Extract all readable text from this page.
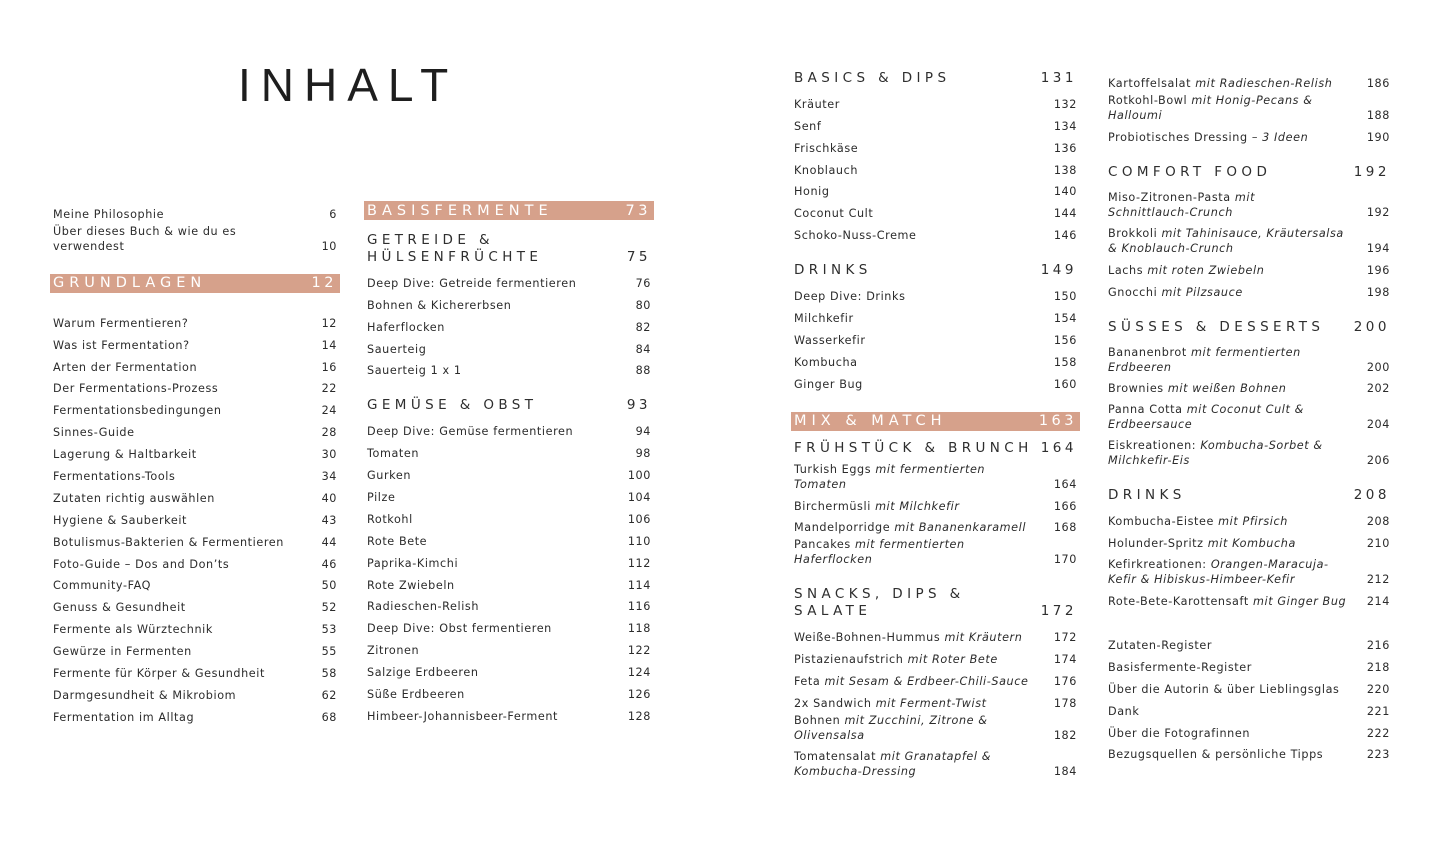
INHALT
Meine Philosophie	6
Über dieses Buch & wie du es verwendest	10
GRUNDLAGEN	12
Warum Fermentieren?	12
Was ist Fermentation?	14
Arten der Fermentation	16
Der Fermentations-Prozess	22
Fermentationsbedingungen	24
Sinnes-Guide	28
Lagerung & Haltbarkeit	30
Fermentations-Tools	34
Zutaten richtig auswählen	40
Hygiene & Sauberkeit	43
Botulismus-Bakterien & Fermentieren	44
Foto-Guide – Dos and Don’ts	46
Community-FAQ	50
Genuss & Gesundheit	52
Fermente als Würztechnik	53
Gewürze in Fermenten	55
Fermente für Körper & Gesundheit	58
Darmgesundheit & Mikrobiom	62
Fermentation im Alltag	68
BASISFERMENTE	73
GETREIDE & HÜLSENFRÜCHTE	75
Deep Dive: Getreide fermentieren	76
Bohnen & Kichererbsen	80
Haferflocken	82
Sauerteig	84
Sauerteig 1 x 1	88
GEMÜSE & OBST	93
Deep Dive: Gemüse fermentieren	94
Tomaten	98
Gurken	100
Pilze	104
Rotkohl	106
Rote Bete	110
Paprika-Kimchi	112
Rote Zwiebeln	114
Radieschen-Relish	116
Deep Dive: Obst fermentieren	118
Zitronen	122
Salzige Erdbeeren	124
Süße Erdbeeren	126
Himbeer-Johannisbeer-Ferment	128
BASICS & DIPS	131
Kräuter	132
Senf	134
Frischkäse	136
Knoblauch	138
Honig	140
Coconut Cult	144
Schoko-Nuss-Creme	146
DRINKS	149
Deep Dive: Drinks	150
Milchkefir	154
Wasserkefir	156
Kombucha	158
Ginger Bug	160
MIX & MATCH	163
FRÜHSTÜCK & BRUNCH 164
Turkish Eggs mit fermentierten Tomaten	164
Birchermüsli mit Milchkefir	166
Mandelporridge mit Bananenkaramell	168
Pancakes mit fermentierten Haferflocken	170
SNACKS, DIPS & SALATE	172
Weiße-Bohnen-Hummus mit Kräutern	172
Pistazienaufstrich mit Roter Bete	174
Feta mit Sesam & Erdbeer-Chili-Sauce	176
2x Sandwich mit Ferment-Twist	178
Bohnen mit Zucchini, Zitrone & Olivensalsa	182
Tomatensalat mit Granatapfel & Kombucha-Dressing	184
Kartoffelsalat mit Radieschen-Relish	186
Rotkohl-Bowl mit Honig-Pecans & Halloumi	188
Probiotisches Dressing – 3 Ideen	190
COMFORT FOOD	192
Miso-Zitronen-Pasta mit Schnittlauch-Crunch	192
Brokkoli mit Tahinisauce, Kräutersalsa & Knoblauch-Crunch	194
Lachs mit roten Zwiebeln	196
Gnocchi mit Pilzsauce	198
SÜSSES & DESSERTS 200
Bananenbrot mit fermentierten Erdbeeren	200
Brownies mit weißen Bohnen	202
Panna Cotta mit Coconut Cult & Erdbeersauce	204
Eiskreationen: Kombucha-Sorbet & Milchkefir-Eis	206
DRINKS	208
Kombucha-Eistee mit Pfirsich	208
Holunder-Spritz mit Kombucha	210
Kefirkreationen: Orangen-Maracuja-Kefir & Hibiskus-Himbeer-Kefir	212
Rote-Bete-Karottensaft mit Ginger Bug	214
Zutaten-Register	216
Basisfermente-Register	218
Über die Autorin & über Lieblingsglas	220
Dank	221
Über die Fotografinnen	222
Bezugsquellen & persönliche Tipps	223
